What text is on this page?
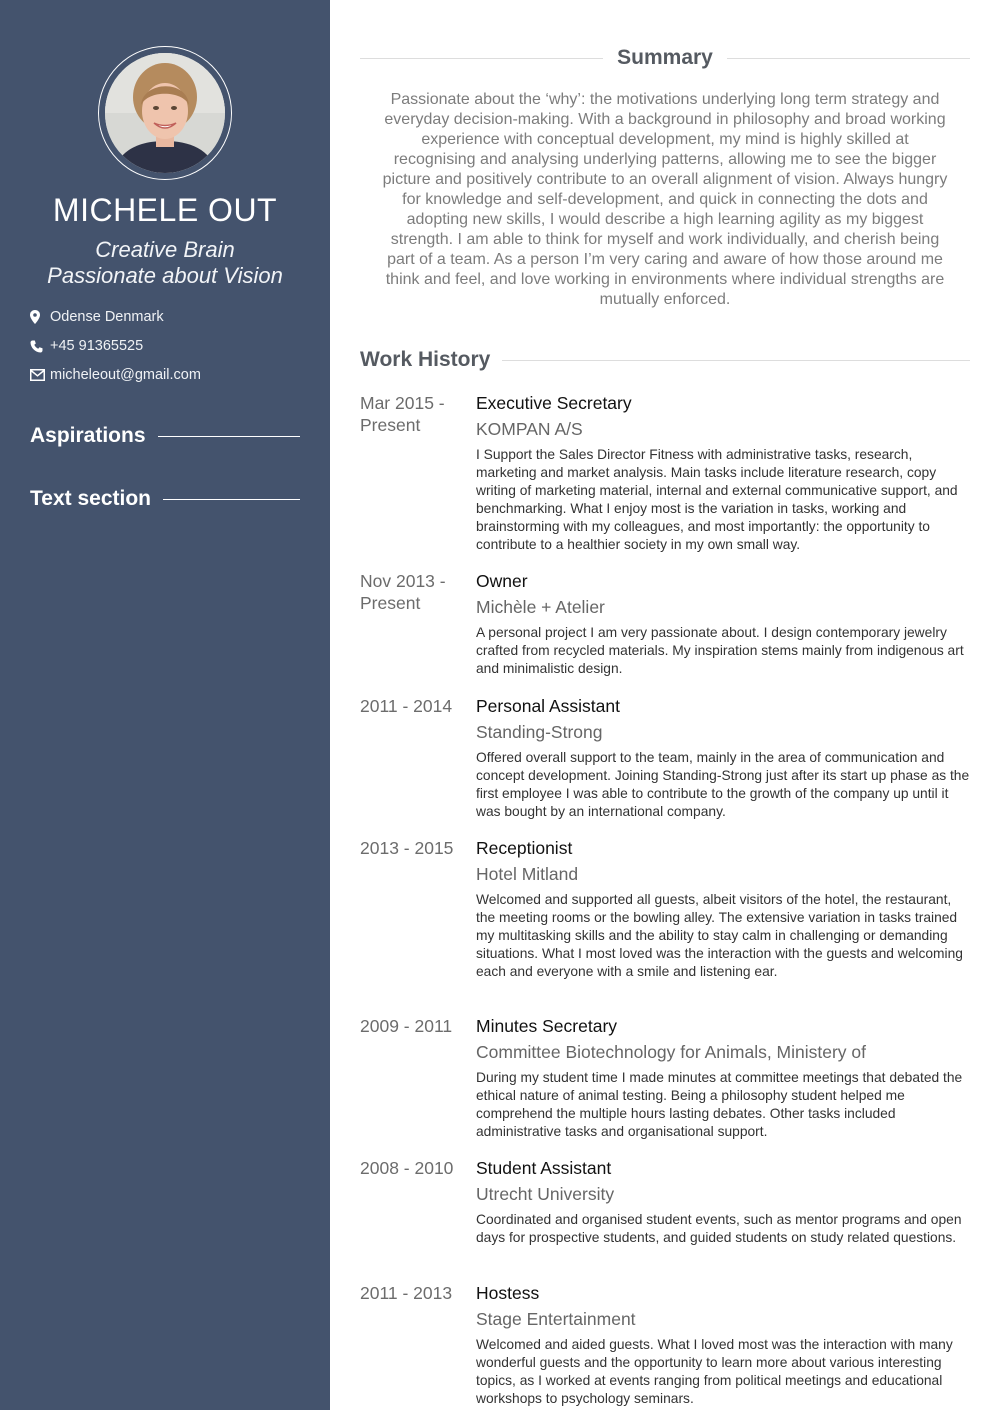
MICHELE OUT
Creative Brain
Passionate about Vision
Odense Denmark
+45 91365525
micheleout@gmail.com
Aspirations
Text section
Summary
Passionate about the ‘why’: the motivations underlying long term strategy and everyday decision-making. With a background in philosophy and broad working experience with conceptual development, my mind is highly skilled at recognising and analysing underlying patterns, allowing me to see the bigger picture and positively contribute to an overall alignment of vision. Always hungry for knowledge and self-development, and quick in connecting the dots and adopting new skills, I would describe a high learning agility as my biggest strength. I am able to think for myself and work individually, and cherish being part of a team. As a person I’m very caring and aware of how those around me think and feel, and love working in environments where individual strengths are mutually enforced.
Work History
Mar 2015 - Present
Executive Secretary
KOMPAN A/S
I Support the Sales Director Fitness with administrative tasks, research, marketing and market analysis. Main tasks include literature research, copy writing of marketing material, internal and external communicative support, and benchmarking. What I enjoy most is the variation in tasks, working and brainstorming with my colleagues, and most importantly: the opportunity to contribute to a healthier society in my own small way.
Nov 2013 - Present
Owner
Michèle + Atelier
A personal project I am very passionate about. I design contemporary jewelry crafted from recycled materials. My inspiration stems mainly from indigenous art and minimalistic design.
2011 - 2014	Personal Assistant
Standing-Strong
Offered overall support to the team, mainly in the area of communication and concept development. Joining Standing-Strong just after its start up phase as the first employee I was able to contribute to the growth of the company up until it was bought by an international company.
2013 - 2015	Receptionist
Hotel Mitland
Welcomed and supported all guests, albeit visitors of the hotel, the restaurant, the meeting rooms or the bowling alley. The extensive variation in tasks trained my multitasking skills and the ability to stay calm in challenging or demanding situations. What I most loved was the interaction with the guests and welcoming each and everyone with a smile and listening ear.
2009 - 2011	Minutes Secretary
Committee Biotechnology for Animals, Ministery of
During my student time I made minutes at committee meetings that debated the ethical nature of animal testing. Being a philosophy student helped me comprehend the multiple hours lasting debates. Other tasks included administrative tasks and organisational support.
2008 - 2010	Student Assistant
Utrecht University
Coordinated and organised student events, such as mentor programs and open days for prospective students, and guided students on study related questions.
2011 - 2013	Hostess
Stage Entertainment
Welcomed and aided guests. What I loved most was the interaction with many wonderful guests and the opportunity to learn more about various interesting topics, as I worked at events ranging from political meetings and educational workshops to psychology seminars.
